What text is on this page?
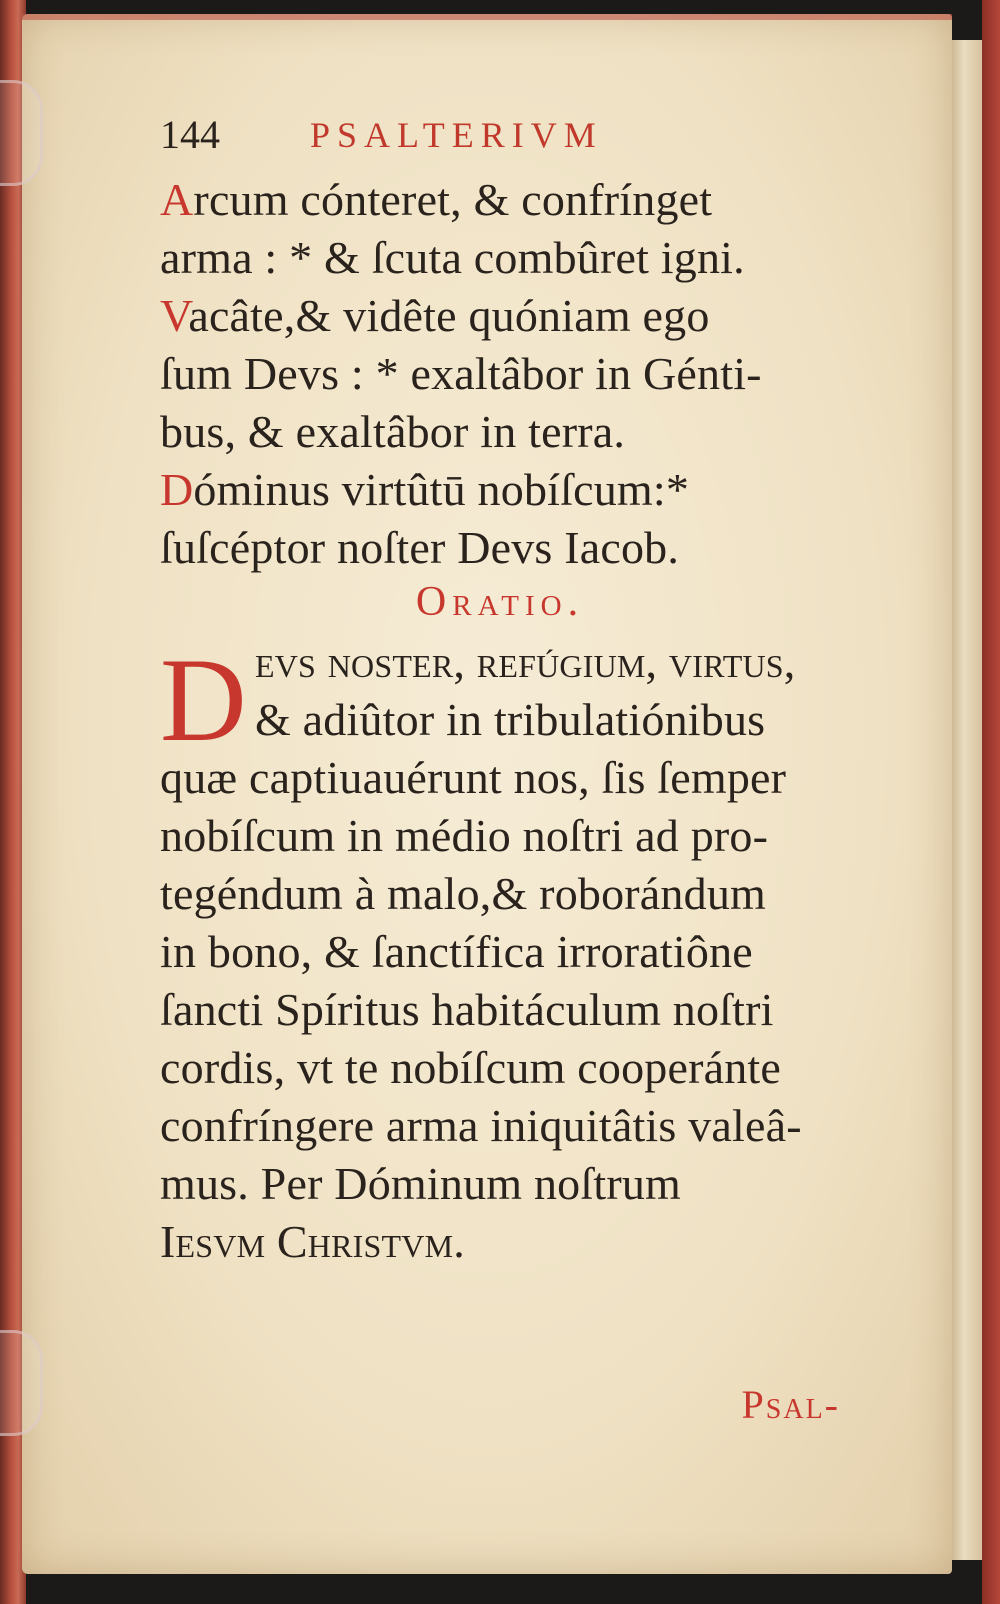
144	PSALTERIVM
Arcum cónteret, & confrínget
arma : * & ſcuta combûret igni.
Vacâte,& vidête quóniam ego
ſum Devs : * exaltâbor in Génti-
bus, & exaltâbor in terra.
Dóminus virtûtū nobíſcum:*
ſuſcéptor noſter Devs Iacob.
Oratio.
D evs noſter, refúgium, virtus,
& adiûtor in tribulatiónibus
quæ captiuauérunt nos, ſis ſemper
nobíſcum in médio noſtri ad pro-
tegéndum à malo,& roborándum
in bono, & ſanctífica irroratiône
ſancti Spíritus habitáculum noſtri
cordis, vt te nobíſcum cooperánte
confríngere arma iniquitâtis valeâ-
mus. Per Dóminum noſtrum
Iesvm Christvm.
Psal-
